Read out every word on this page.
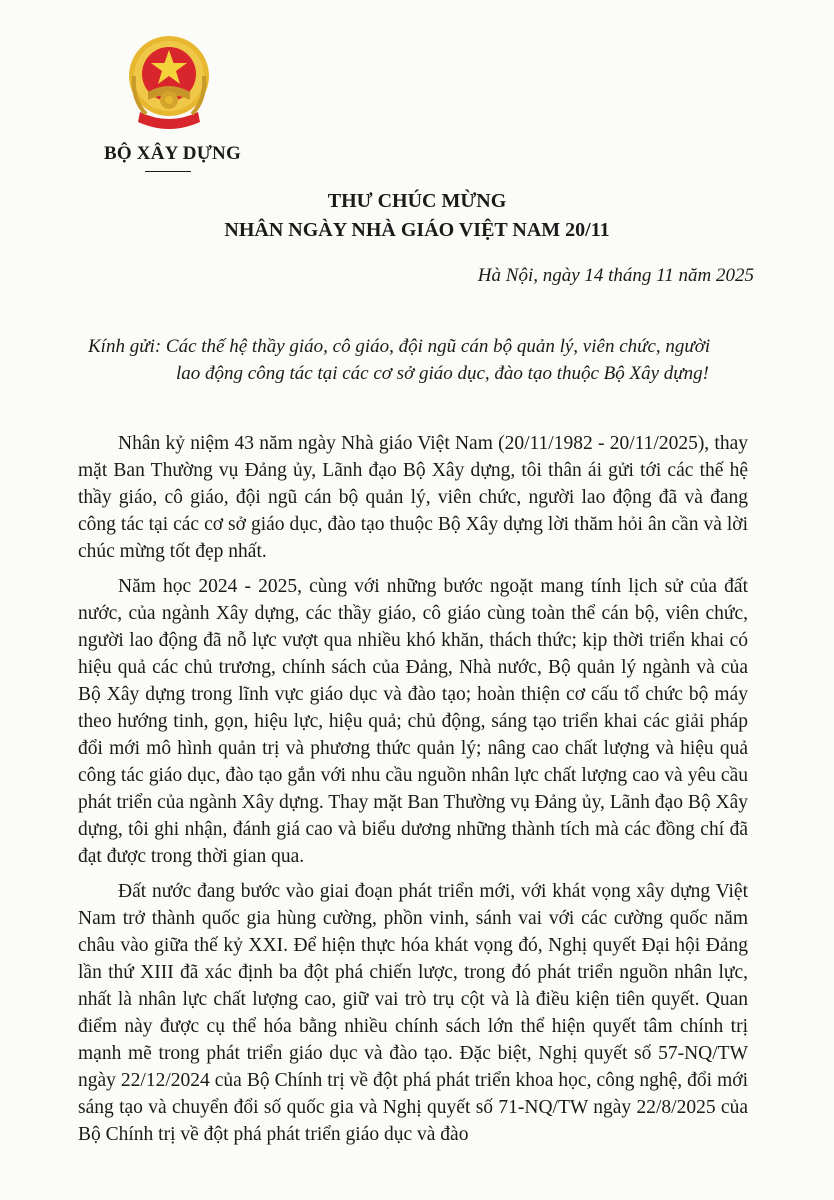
BỘ XÂY DỰNG
THƯ CHÚC MỪNG
NHÂN NGÀY NHÀ GIÁO VIỆT NAM 20/11
Hà Nội, ngày 14 tháng 11 năm 2025
Kính gửi: Các thế hệ thầy giáo, cô giáo, đội ngũ cán bộ quản lý, viên chức, người
lao động công tác tại các cơ sở giáo dục, đào tạo thuộc Bộ Xây dựng!

Nhân kỷ niệm 43 năm ngày Nhà giáo Việt Nam (20/11/1982 - 20/11/2025), thay mặt Ban Thường vụ Đảng ủy, Lãnh đạo Bộ Xây dựng, tôi thân ái gửi tới các thế hệ thầy giáo, cô giáo, đội ngũ cán bộ quản lý, viên chức, người lao động đã và đang công tác tại các cơ sở giáo dục, đào tạo thuộc Bộ Xây dựng lời thăm hỏi ân cần và lời chúc mừng tốt đẹp nhất.

Năm học 2024 - 2025, cùng với những bước ngoặt mang tính lịch sử của đất nước, của ngành Xây dựng, các thầy giáo, cô giáo cùng toàn thể cán bộ, viên chức, người lao động đã nỗ lực vượt qua nhiều khó khăn, thách thức; kịp thời triển khai có hiệu quả các chủ trương, chính sách của Đảng, Nhà nước, Bộ quản lý ngành và của Bộ Xây dựng trong lĩnh vực giáo dục và đào tạo; hoàn thiện cơ cấu tổ chức bộ máy theo hướng tinh, gọn, hiệu lực, hiệu quả; chủ động, sáng tạo triển khai các giải pháp đổi mới mô hình quản trị và phương thức quản lý; nâng cao chất lượng và hiệu quả công tác giáo dục, đào tạo gắn với nhu cầu nguồn nhân lực chất lượng cao và yêu cầu phát triển của ngành Xây dựng. Thay mặt Ban Thường vụ Đảng ủy, Lãnh đạo Bộ Xây dựng, tôi ghi nhận, đánh giá cao và biểu dương những thành tích mà các đồng chí đã đạt được trong thời gian qua.

Đất nước đang bước vào giai đoạn phát triển mới, với khát vọng xây dựng Việt Nam trở thành quốc gia hùng cường, phồn vinh, sánh vai với các cường quốc năm châu vào giữa thế kỷ XXI. Để hiện thực hóa khát vọng đó, Nghị quyết Đại hội Đảng lần thứ XIII đã xác định ba đột phá chiến lược, trong đó phát triển nguồn nhân lực, nhất là nhân lực chất lượng cao, giữ vai trò trụ cột và là điều kiện tiên quyết. Quan điểm này được cụ thể hóa bằng nhiều chính sách lớn thể hiện quyết tâm chính trị mạnh mẽ trong phát triển giáo dục và đào tạo. Đặc biệt, Nghị quyết số 57-NQ/TW ngày 22/12/2024 của Bộ Chính trị về đột phá phát triển khoa học, công nghệ, đổi mới sáng tạo và chuyển đổi số quốc gia và Nghị quyết số 71-NQ/TW ngày 22/8/2025 của Bộ Chính trị về đột phá phát triển giáo dục và đào
